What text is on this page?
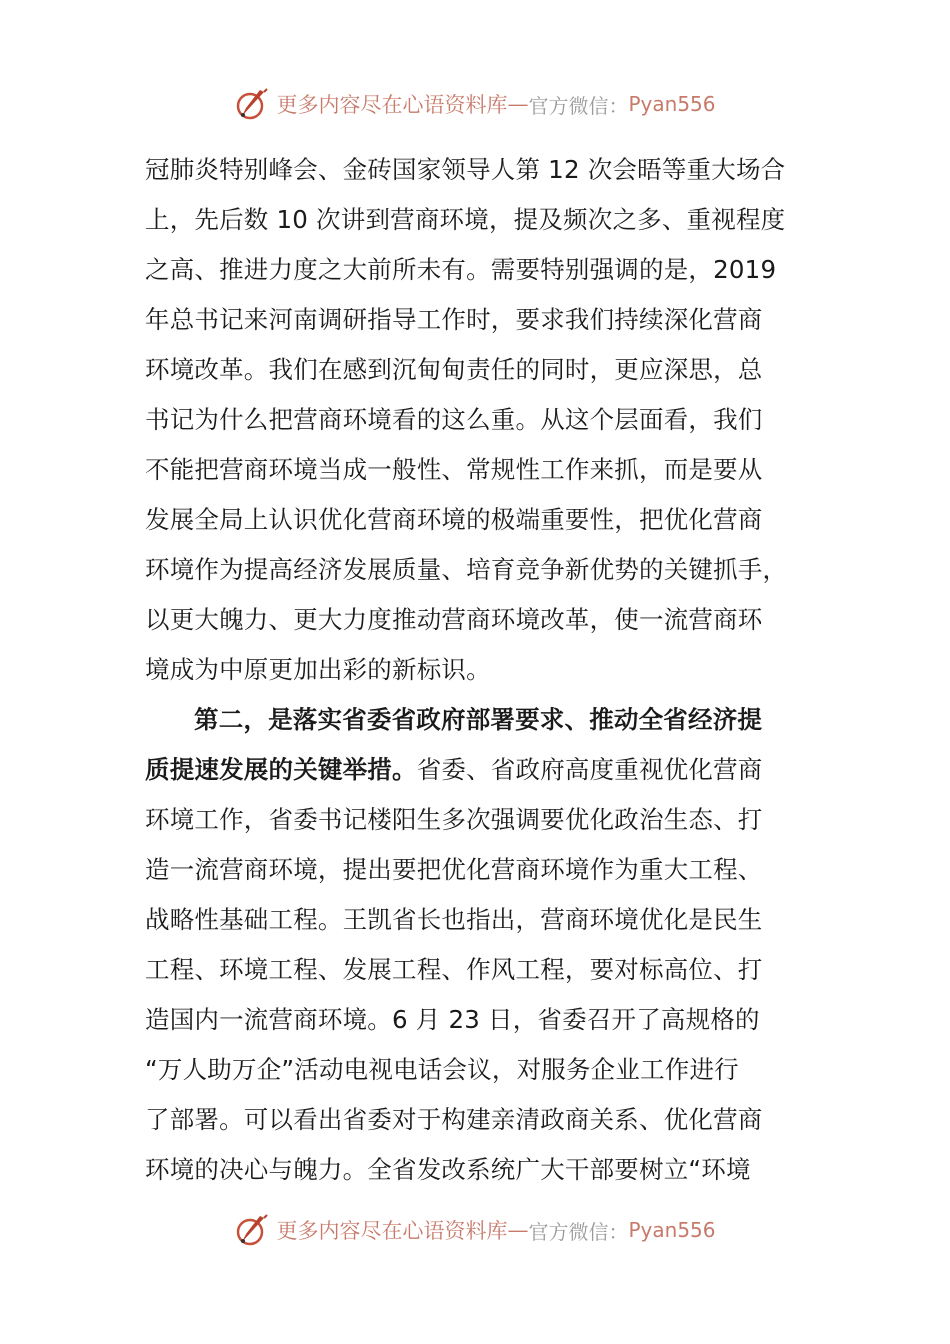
更多内容尽在心语资料库 — 官方微信： Pyan556
冠肺炎特别峰会、金砖国家领导人第 12 次会晤等重大场合
上，先后数 10 次讲到营商环境，提及频次之多、重视程度
之高、推进力度之大前所未有。需要特别强调的是，2019
年总书记来河南调研指导工作时，要求我们持续深化营商
环境改革。我们在感到沉甸甸责任的同时，更应深思，总
书记为什么把营商环境看的这么重。从这个层面看，我们
不能把营商环境当成一般性、常规性工作来抓，而是要从
发展全局上认识优化营商环境的极端重要性，把优化营商
环境作为提高经济发展质量、培育竞争新优势的关键抓手，
以更大魄力、更大力度推动营商环境改革，使一流营商环
境成为中原更加出彩的新标识。
第二，是落实省委省政府部署要求、推动全省经济提
质提速发展的关键举措。省委、省政府高度重视优化营商
环境工作，省委书记楼阳生多次强调要优化政治生态、打
造一流营商环境，提出要把优化营商环境作为重大工程、
战略性基础工程。王凯省长也指出，营商环境优化是民生
工程、环境工程、发展工程、作风工程，要对标高位、打
造国内一流营商环境。6 月 23 日，省委召开了高规格的
“万人助万企”活动电视电话会议，对服务企业工作进行
了部署。可以看出省委对于构建亲清政商关系、优化营商
环境的决心与魄力。全省发改系统广大干部要树立“环境
更多内容尽在心语资料库 — 官方微信： Pyan556
